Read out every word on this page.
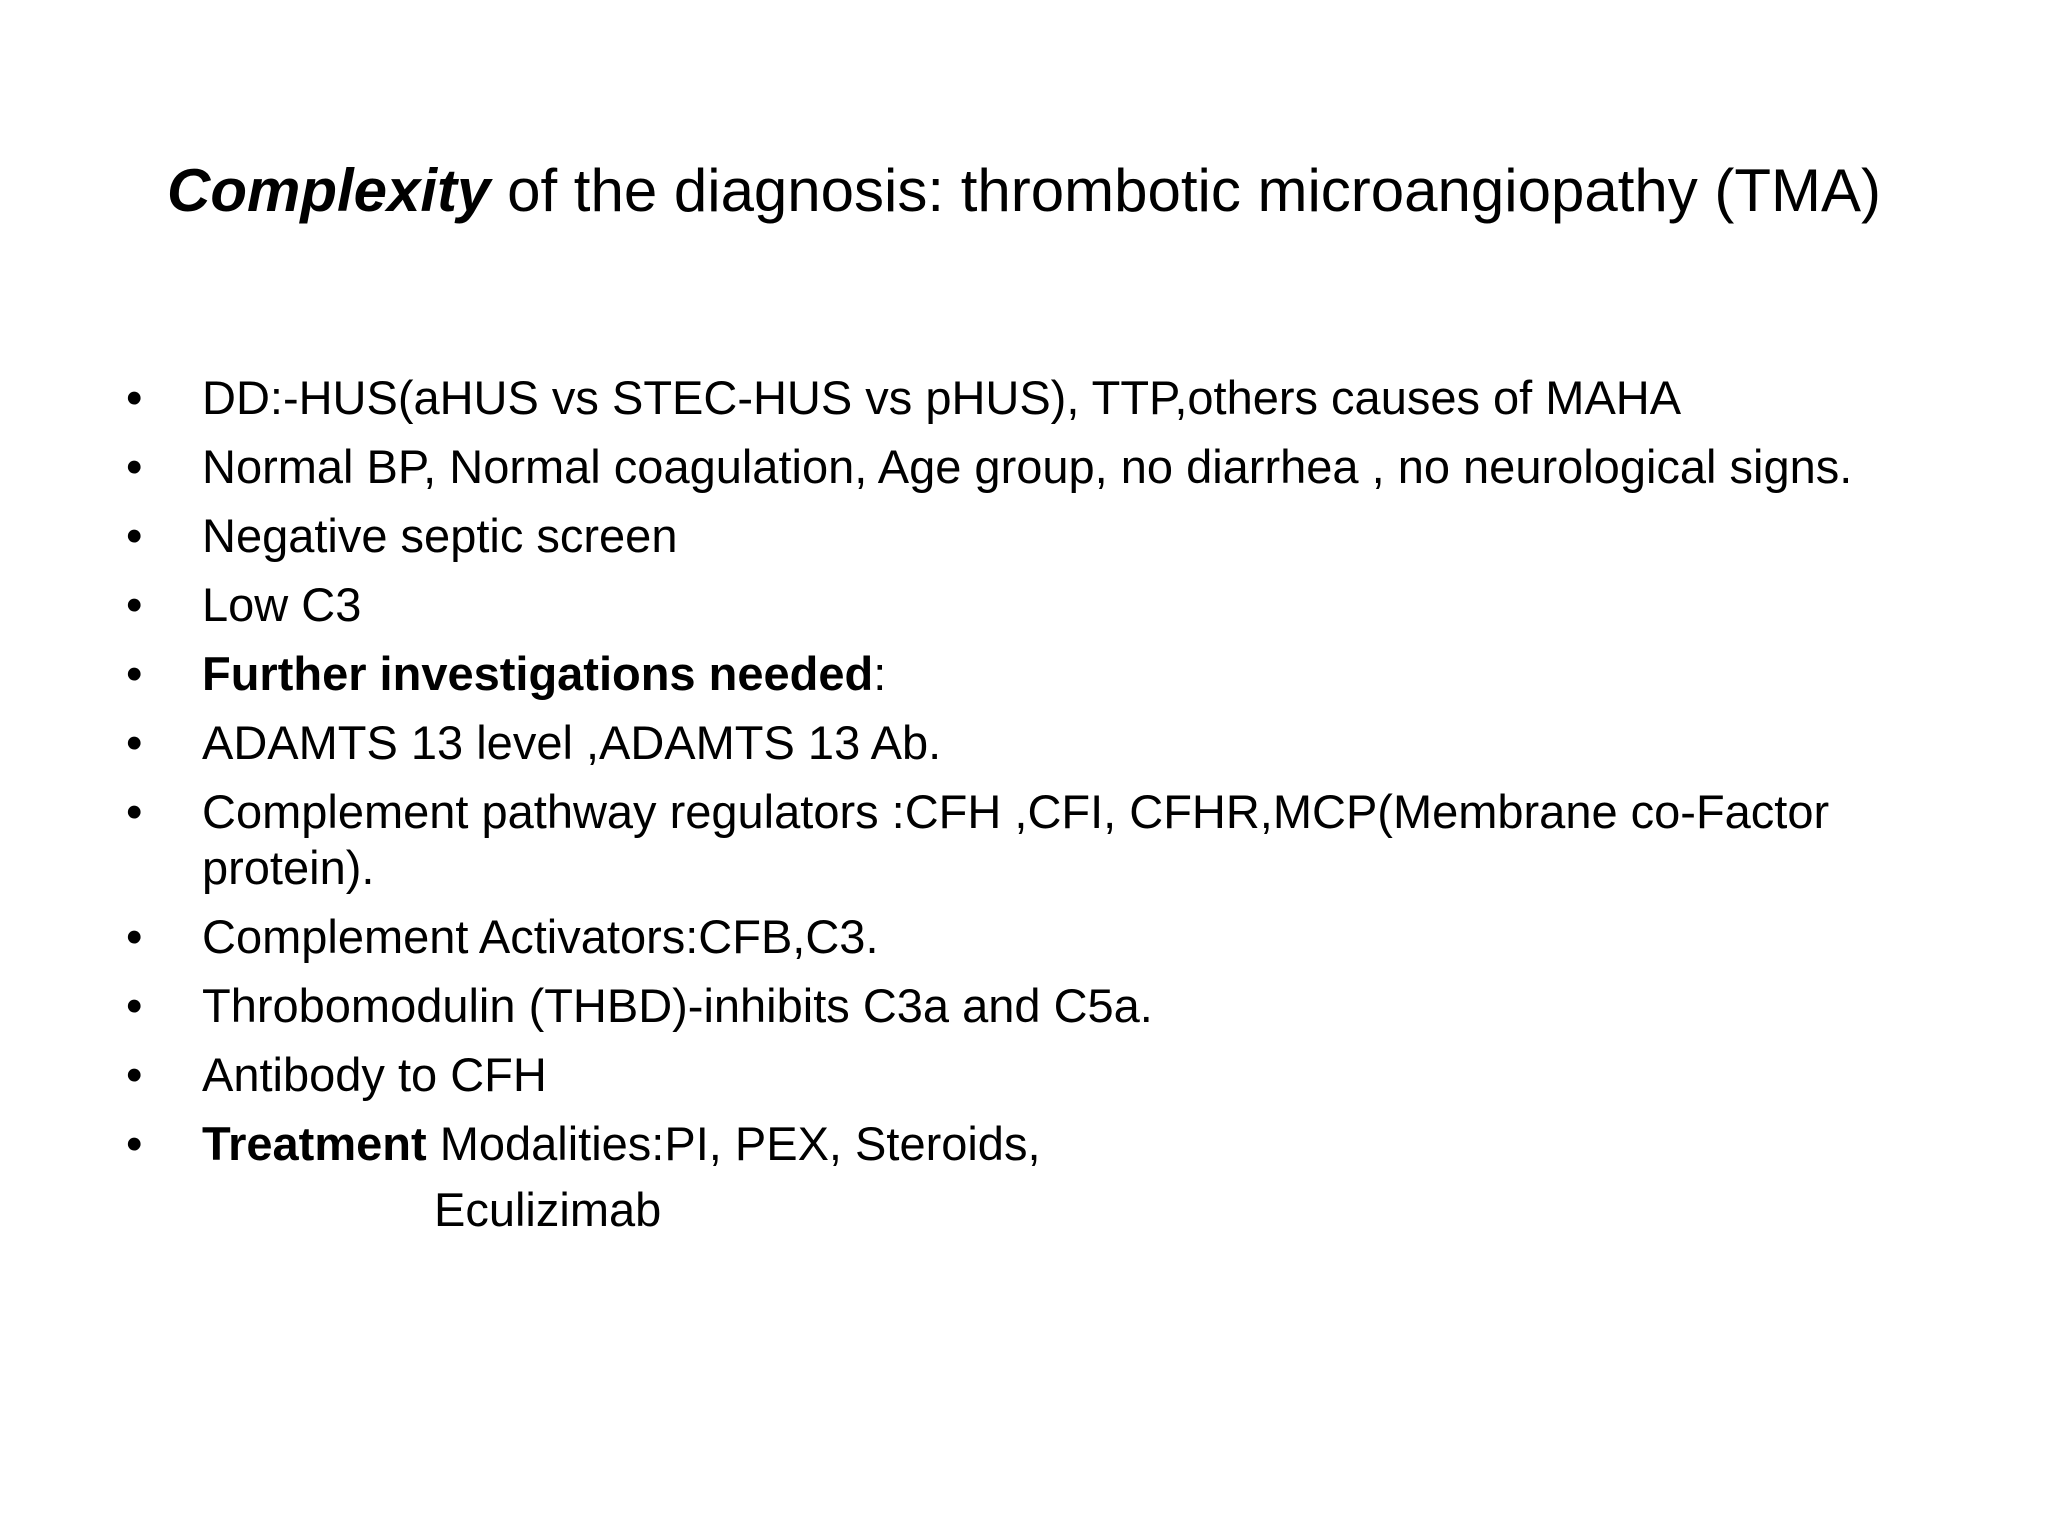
Complexity of the diagnosis: thrombotic microangiopathy (TMA)
•	DD:-HUS(aHUS vs STEC-HUS vs pHUS), TTP,others causes of MAHA
•	Normal BP, Normal coagulation, Age group, no diarrhea , no neurological signs.
•	Negative septic screen
•	Low C3
•	Further investigations needed:
•	ADAMTS 13 level ,ADAMTS 13 Ab.
•	Complement pathway regulators :CFH ,CFI, CFHR,MCP(Membrane co-Factor protein).
•	Complement Activators:CFB,C3.
•	Throbomodulin (THBD)-inhibits C3a and C5a.
•	Antibody to CFH
•	Treatment Modalities:PI, PEX, Steroids,
Eculizimab
